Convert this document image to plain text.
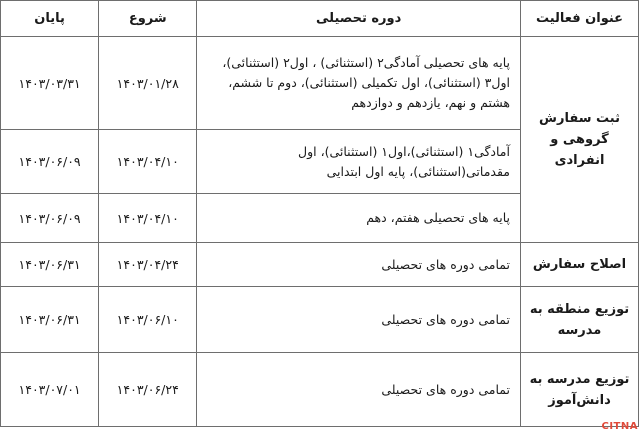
عنوان فعالیت	دوره تحصیلی	شروع	پایان
ثبت سفارش گروهی و انفرادی	پایه های تحصیلی آمادگی۲ (استثنائی) ، اول۲ (استثنائی)، اول۳ (استثنائی)، اول تکمیلی (استثنائی)، دوم تا ششم، هشتم و نهم، یازدهم و دوازدهم	۱۴۰۳/۰۱/۲۸	۱۴۰۳/۰۳/۳۱
	آمادگی۱ (استثنائی)،اول۱ (استثنائی)، اول مقدماتی(استثنائی)، پایه اول ابتدایی	۱۴۰۳/۰۴/۱۰	۱۴۰۳/۰۶/۰۹
	پایه های تحصیلی هفتم، دهم	۱۴۰۳/۰۴/۱۰	۱۴۰۳/۰۶/۰۹
اصلاح سفارش	تمامی دوره های تحصیلی	۱۴۰۳/۰۴/۲۴	۱۴۰۳/۰۶/۳۱
توزیع منطقه به مدرسه	تمامی دوره های تحصیلی	۱۴۰۳/۰۶/۱۰	۱۴۰۳/۰۶/۳۱
توزیع مدرسه به دانش‌آموز	تمامی دوره های تحصیلی	۱۴۰۳/۰۶/۲۴	۱۴۰۳/۰۷/۰۱
CITNA
